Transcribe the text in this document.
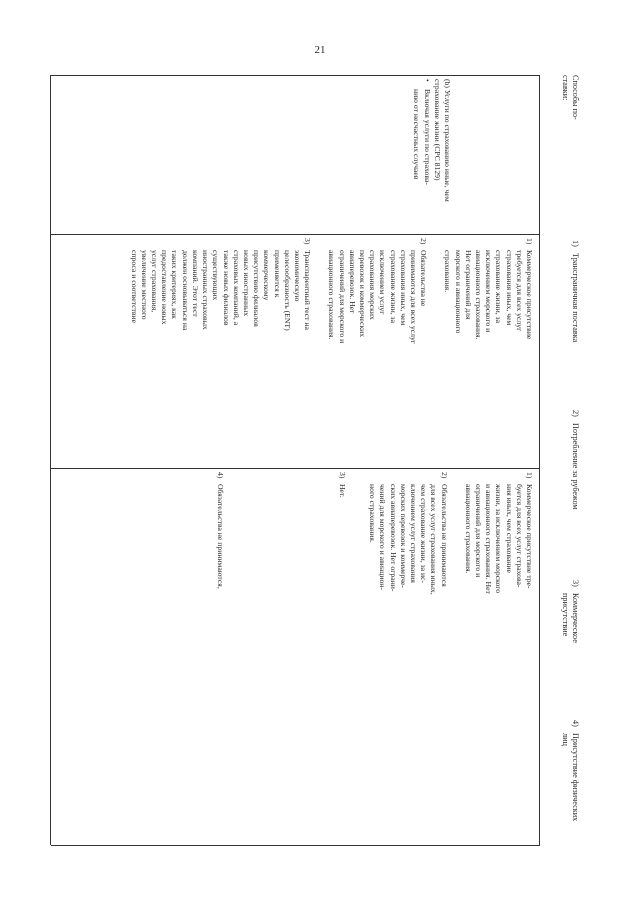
21
Способы по-
ставки:
1)
Трансграничная поставка
2)
Потребление за рубежом
3)
Коммерческое
присутствие
4)
Присутствие физических
лиц
(b) Услуги по страхованию иные, чем
страхование жизни (CPC 8129)
•
Включая услуги по страхова-
нию от несчастных случаев
1)
Коммерческое присутствие
требуется для всех услуг
страхования иных, чем
страхование жизни, за
исключением морского и
авиационного страхования.
Нет ограничений для
морского и авиационного
страхования.
2)
Обязательства не
принимаются для всех услуг
страхования иных, чем
страхование жизни, за
исключением услуг
страхования морских
перевозок и коммерческих
авиаперевозок. Нет
ограничений для морского и
авиационного страхования.
3)
Транспарентный тест на
экономическую
целесообразность (ENT)
применяется к
коммерческому
присутствию филиалов
новых иностранных
страховых компаний, а
также новых филиалов
существующих
иностранных страховых
компаний. Этот тест
должен основываться на
таких критериях, как
предоставление новых
услуг страхования,
увеличение местного
спроса и соответствие
1)
Коммерческое присутствие тре-
буется для всех услуг страхова-
ния иных, чем страхование
жизни, за исключением морского
и авиационного страхования. Нет
ограничений для морского и
авиационного страхования.
2)
Обязательства не принимаются
для всех услуг страхования иных,
чем страхование жизни, за ис-
ключением услуг страхования
морских перевозок и коммерче-
ских авиаперевозок. Нет ограни-
чений для морского и авиацион-
ного страхования.
3)
Нет.
4)
Обязательства не принимаются,
